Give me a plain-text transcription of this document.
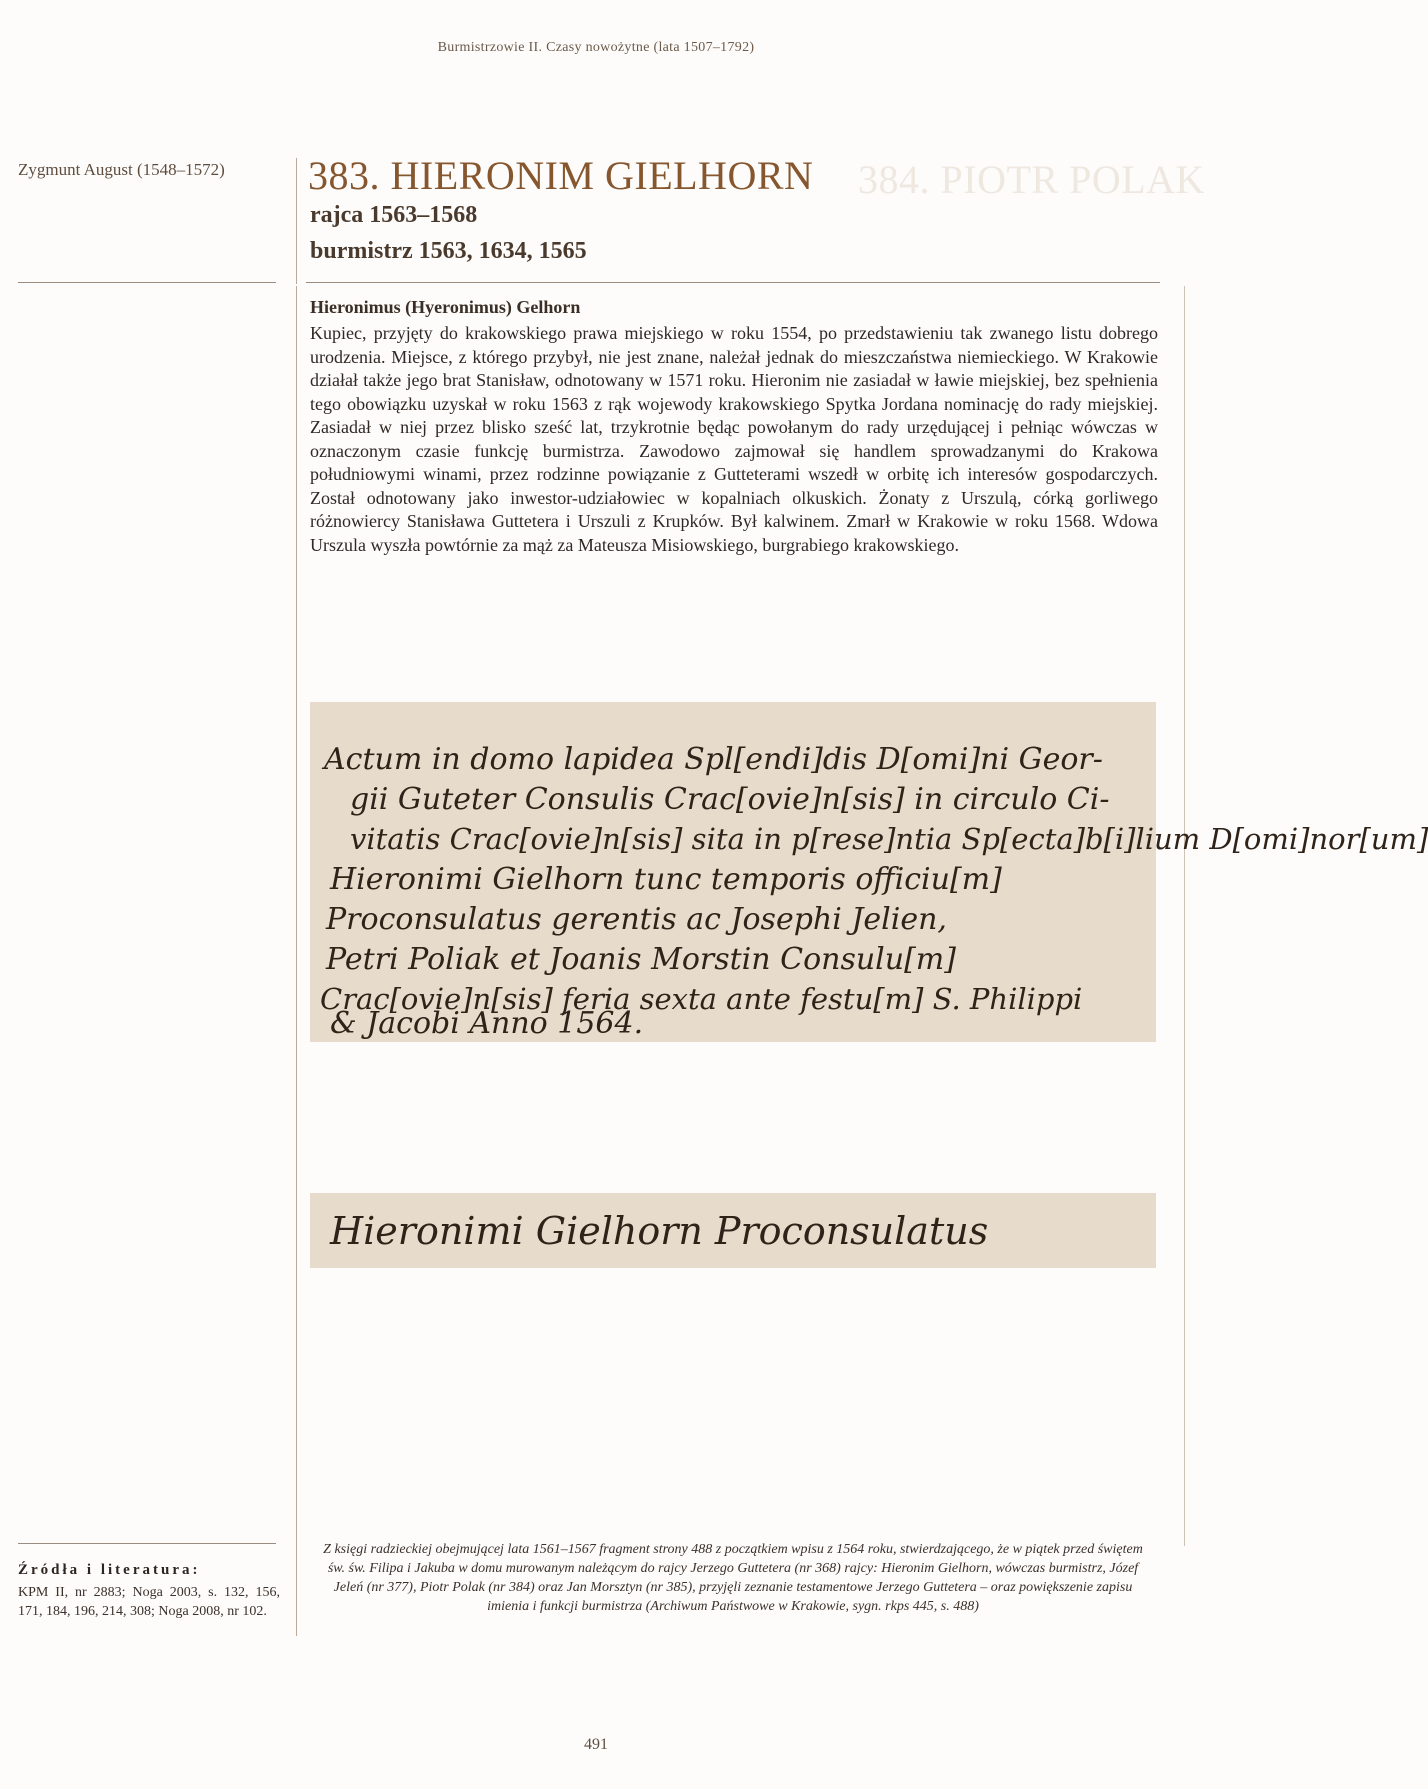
Burmistrzowie II. Czasy nowożytne (lata 1507–1792)
Zygmunt August (1548–1572)	384. PIOTR POLAK
383. HIERONIM GIELHORN
rajca 1563–1568
burmistrz 1563, 1634, 1565
Hieronimus (Hyeronimus) Gelhorn
Kupiec, przyjęty do krakowskiego prawa miejskiego w roku 1554, po przedstawieniu tak zwanego listu dobrego urodzenia. Miejsce, z którego przybył, nie jest znane, należał jednak do mieszczaństwa niemieckiego. W Krakowie działał także jego brat Stanisław, odnotowany w 1571 roku. Hieronim nie zasiadał w ławie miejskiej, bez spełnienia tego obowiązku uzyskał w roku 1563 z rąk wojewody krakowskiego Spytka Jordana nominację do rady miejskiej. Zasiadał w niej przez blisko sześć lat, trzykrotnie będąc powołanym do rady urzędującej i pełniąc wówczas w oznaczonym czasie funkcję burmistrza. Zawodowo zajmował się handlem sprowadzanymi do Krakowa południowymi winami, przez rodzinne powiązanie z Gutteterami wszedł w orbitę ich interesów gospodarczych. Został odnotowany jako inwestor-udziałowiec w kopalniach olkuskich. Żonaty z Urszulą, córką gorliwego różnowiercy Stanisława Guttetera i Urszuli z Krupków. Był kalwinem. Zmarł w Krakowie w roku 1568. Wdowa Urszula wyszła powtórnie za mąż za Mateusza Misiowskiego, burgrabiego krakowskiego.
Actum in domo lapidea Spl[endi]dis D[omi]ni Geor-
gii Guteter Consulis Crac[ovie]n[sis] in circulo Ci-
vitatis Crac[ovie]n[sis] sita in p[rese]ntia Sp[ecta]b[i]lium D[omi]nor[um]
Hieronimi Gielhorn tunc temporis officiu[m]
Proconsulatus gerentis ac Josephi Jelien,
Petri Poliak et Joanis Morstin Consulu[m]
Crac[ovie]n[sis] feria sexta ante festu[m] S. Philippi
& Jacobi Anno 1564.
Hieronimi Gielhorn Proconsulatus
Źródła i literatura:
KPM II, nr 2883; Noga 2003, s. 132, 156, 171, 184, 196, 214, 308; Noga 2008, nr 102.
Z księgi radzieckiej obejmującej lata 1561–1567 fragment strony 488 z początkiem wpisu z 1564 roku, stwierdzającego, że w piątek przed świętem św. św. Filipa i Jakuba w domu murowanym należącym do rajcy Jerzego Guttetera (nr 368) rajcy: Hieronim Gielhorn, wówczas burmistrz, Józef Jeleń (nr 377), Piotr Polak (nr 384) oraz Jan Morsztyn (nr 385), przyjęli zeznanie testamentowe Jerzego Guttetera – oraz powiększenie zapisu imienia i funkcji burmistrza (Archiwum Państwowe w Krakowie, sygn. rkps 445, s. 488)
491
